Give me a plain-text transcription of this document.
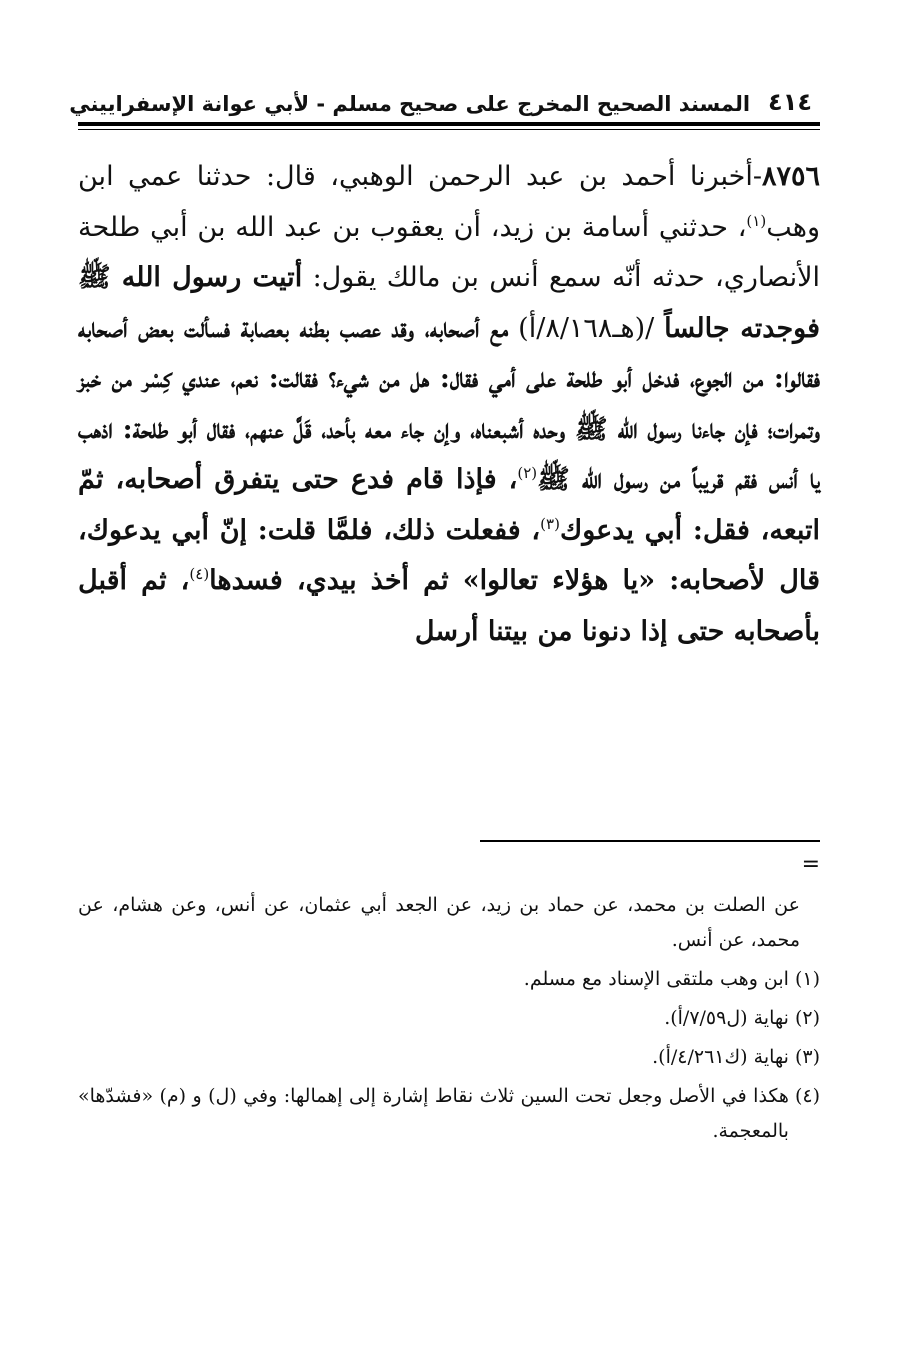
٤١٤
المسند الصحيح المخرج على صحيح مسلم - لأبي عوانة الإسفراييني
٨٧٥٦-أخبرنا أحمد بن عبد الرحمن الوهبي، قال: حدثنا عمي ابن وهب$^{(١)}$، حدثني أسامة بن زيد، أن يعقوب بن عبد الله بن أبي طلحة الأنصاري، حدثه أنّه سمع أنس بن مالك يقول: أتيت رسول الله ﷺ فوجدته جالساً /(هـ٨/١٦٨/أ) مع أصحابه، وقد عصب بطنه بعصابة فسألت بعض أصحابه فقالوا: من الجوع، فدخل أبو طلحة على أمي فقال: هل من شيء؟ فقالت: نعم، عندي كِسْر من خبز وتمرات؛ فإن جاءنا رسول الله ﷺ وحده أشبعناه، وإن جاء معه بأحد، قَلَّ عنهم، فقال أبو طلحة: اذهب يا أنس فقم قريباً من رسول الله ﷺ$^{(٢)}$، فإذا قام فدع حتى يتفرق أصحابه، ثمّ اتبعه، فقل: أبي يدعوك$^{(٣)}$، ففعلت ذلك، فلمَّا قلت: إنّ أبي يدعوك، قال لأصحابه: «يا هؤلاء تعالوا» ثم أخذ بيدي، فسدها$^{(٤)}$، ثم أقبل بأصحابه حتى إذا دنونا من بيتنا أرسل
=

عن الصلت بن محمد، عن حماد بن زيد، عن الجعد أبي عثمان، عن أنس، وعن هشام، عن محمد، عن أنس.

(١)
ابن وهب ملتقى الإسناد مع مسلم.
(٢)
نهاية (ل٧/٥٩/أ).
(٣)
نهاية (ك٤/٢٦١/أ).
(٤)
هكذا في الأصل وجعل تحت السين ثلاث نقاط إشارة إلى إهمالها: وفي (ل) و (م) «فشدّها» بالمعجمة.
